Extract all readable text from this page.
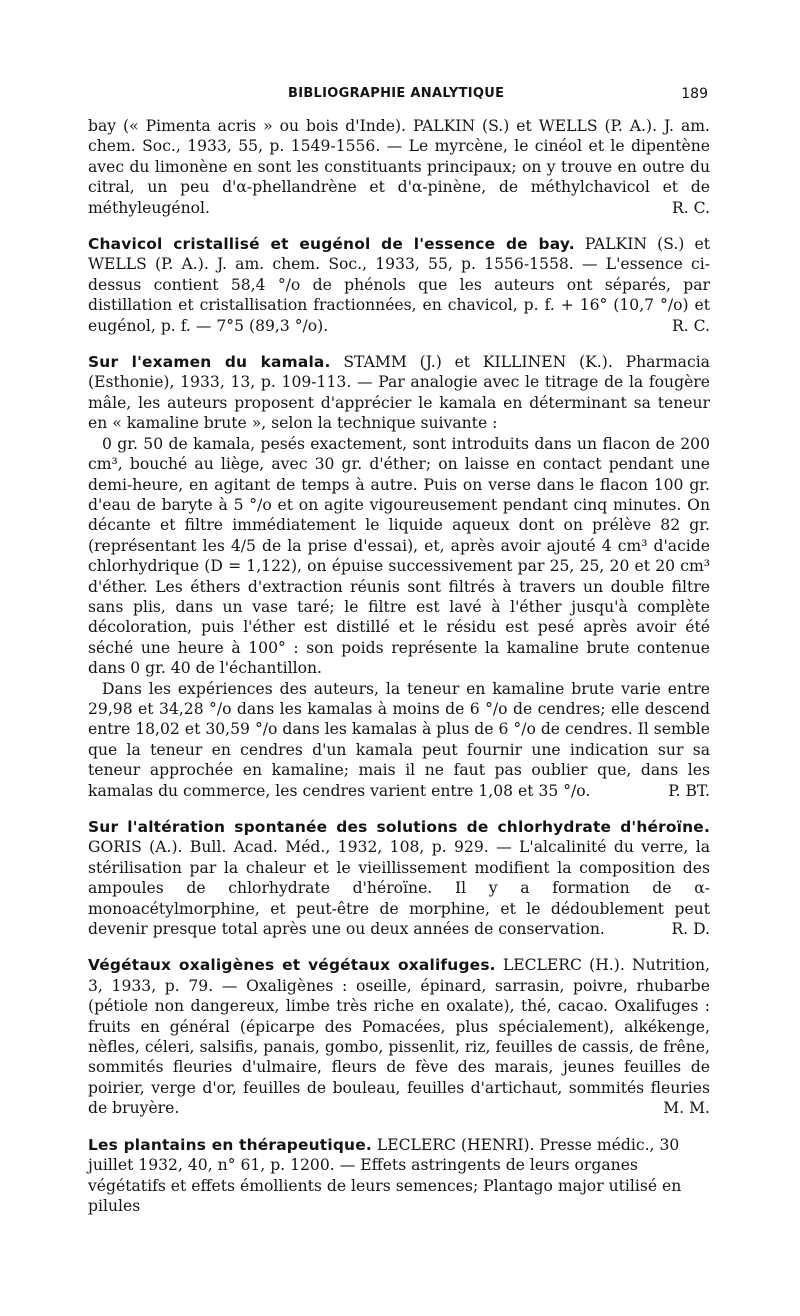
BIBLIOGRAPHIE ANALYTIQUE	189

bay (« Pimenta acris » ou bois d'Inde). PALKIN (S.) et WELLS (P. A.). J. am. chem. Soc., 1933, 55, p. 1549-1556. — Le myrcène, le cinéol et le dipentène avec du limonène en sont les constituants principaux; on y trouve en outre du citral, un peu d'α-phellandrène et d'α-pinène, de méthylchavicol et de méthyleugénol.	R. C.

Chavicol cristallisé et eugénol de l'essence de bay. PALKIN (S.) et WELLS (P. A.). J. am. chem. Soc., 1933, 55, p. 1556-1558. — L'essence ci-dessus contient 58,4 °/o de phénols que les auteurs ont séparés, par distillation et cristallisation fractionnées, en chavicol, p. f. + 16° (10,7 °/o) et eugénol, p. f. — 7°5 (89,3 °/o).	R. C.

Sur l'examen du kamala. STAMM (J.) et KILLINEN (K.). Pharmacia (Esthonie), 1933, 13, p. 109-113. — Par analogie avec le titrage de la fougère mâle, les auteurs proposent d'apprécier le kamala en déterminant sa teneur en « kamaline brute », selon la technique suivante :

0 gr. 50 de kamala, pesés exactement, sont introduits dans un flacon de 200 cm³, bouché au liège, avec 30 gr. d'éther; on laisse en contact pendant une demi-heure, en agitant de temps à autre. Puis on verse dans le flacon 100 gr. d'eau de baryte à 5 °/o et on agite vigoureusement pendant cinq minutes. On décante et filtre immédiatement le liquide aqueux dont on prélève 82 gr. (représentant les 4/5 de la prise d'essai), et, après avoir ajouté 4 cm³ d'acide chlorhydrique (D = 1,122), on épuise successivement par 25, 25, 20 et 20 cm³ d'éther. Les éthers d'extraction réunis sont filtrés à travers un double filtre sans plis, dans un vase taré; le filtre est lavé à l'éther jusqu'à complète décoloration, puis l'éther est distillé et le résidu est pesé après avoir été séché une heure à 100° : son poids représente la kamaline brute contenue dans 0 gr. 40 de l'échantillon.

Dans les expériences des auteurs, la teneur en kamaline brute varie entre 29,98 et 34,28 °/o dans les kamalas à moins de 6 °/o de cendres; elle descend entre 18,02 et 30,59 °/o dans les kamalas à plus de 6 °/o de cendres. Il semble que la teneur en cendres d'un kamala peut fournir une indication sur sa teneur approchée en kamaline; mais il ne faut pas oublier que, dans les kamalas du commerce, les cendres varient entre 1,08 et 35 °/o.	P. BT.

Sur l'altération spontanée des solutions de chlorhydrate d'héroïne. GORIS (A.). Bull. Acad. Méd., 1932, 108, p. 929. — L'alcalinité du verre, la stérilisation par la chaleur et le vieillissement modifient la composition des ampoules de chlorhydrate d'héroïne. Il y a formation de α-monoacétylmorphine, et peut-être de morphine, et le dédoublement peut devenir presque total après une ou deux années de conservation.	R. D.

Végétaux oxaligènes et végétaux oxalifuges. LECLERC (H.). Nutrition, 3, 1933, p. 79. — Oxaligènes : oseille, épinard, sarrasin, poivre, rhubarbe (pétiole non dangereux, limbe très riche en oxalate), thé, cacao. Oxalifuges : fruits en général (épicarpe des Pomacées, plus spécialement), alkékenge, nèfles, céleri, salsifis, panais, gombo, pissenlit, riz, feuilles de cassis, de frêne, sommités fleuries d'ulmaire, fleurs de fève des marais, jeunes feuilles de poirier, verge d'or, feuilles de bouleau, feuilles d'artichaut, sommités fleuries de bruyère.	M. M.

Les plantains en thérapeutique. LECLERC (HENRI). Presse médic., 30 juillet 1932, 40, n° 61, p. 1200. — Effets astringents de leurs organes végétatifs et effets émollients de leurs semences; Plantago major utilisé en pilules
